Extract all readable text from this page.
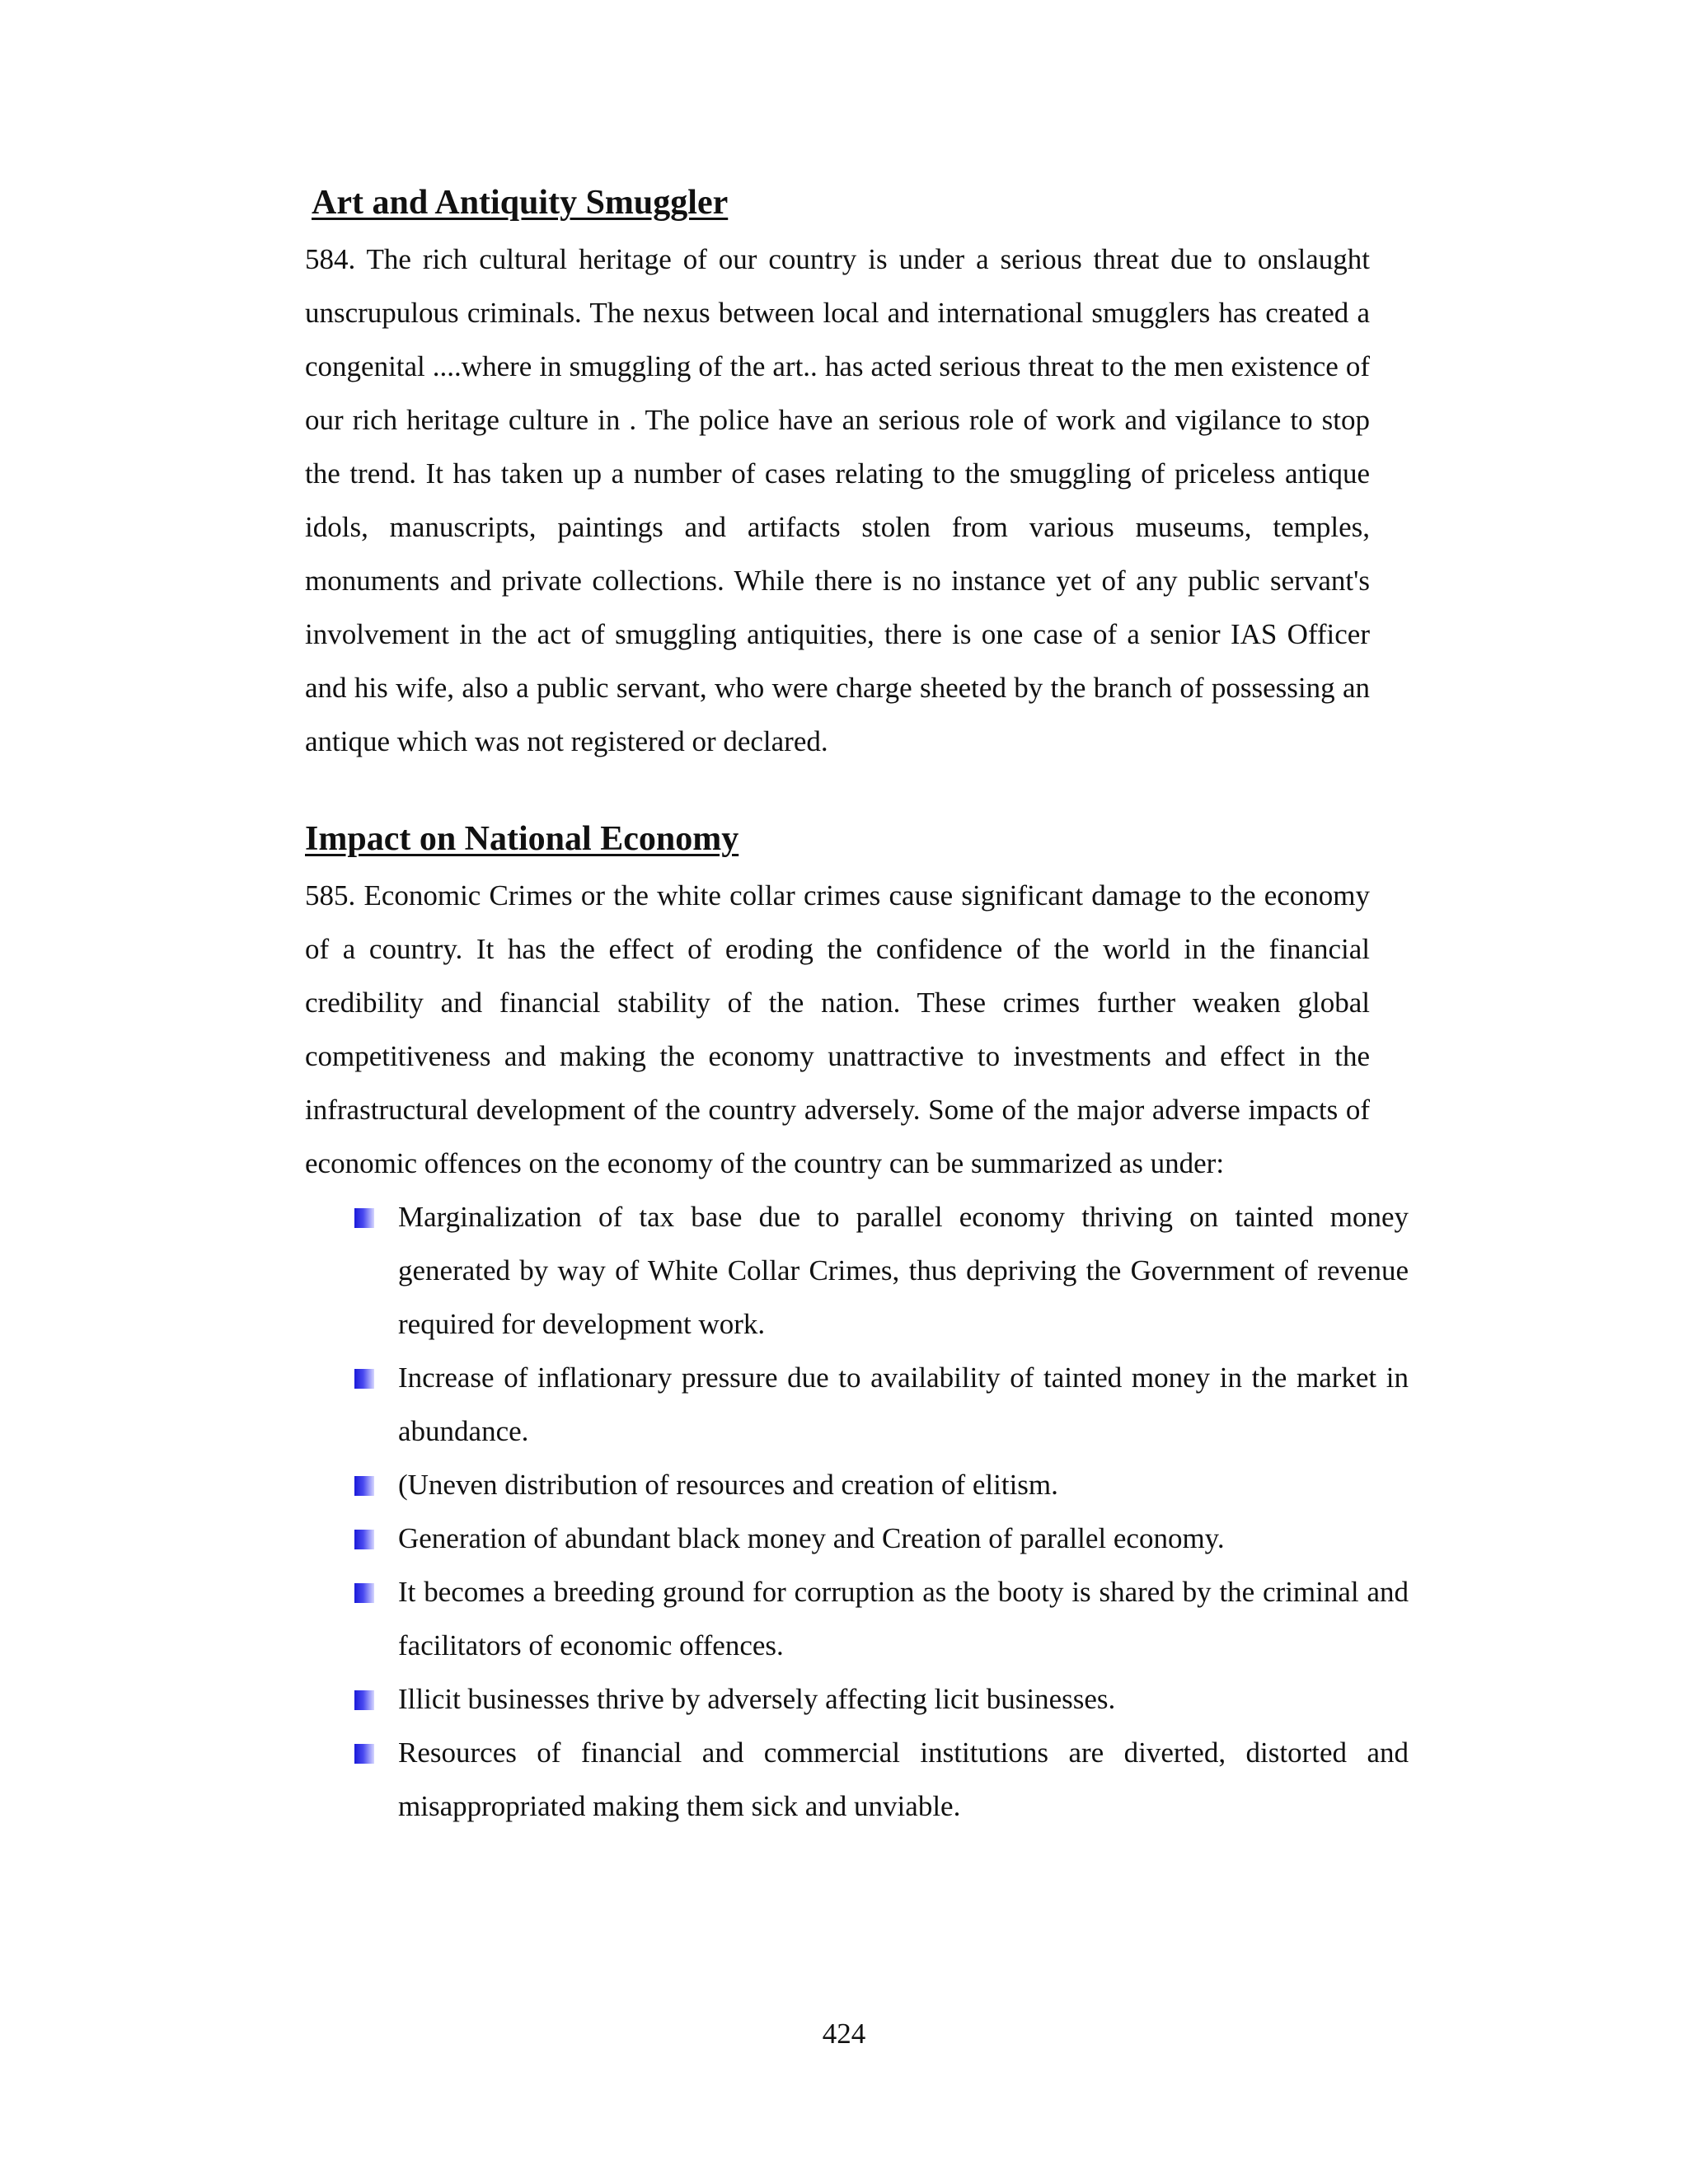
Art and Antiquity Smuggler

584. The rich cultural heritage of our country is under a serious threat due to onslaught unscrupulous criminals. The nexus between local and international smugglers has created a congenital ....where in smuggling of the art.. has acted serious threat to the men existence of our rich heritage culture in . The police have an serious role of work and vigilance to stop the trend. It has taken up a number of cases relating to the smuggling of priceless antique idols, manuscripts, paintings and artifacts stolen from various museums, temples, monuments and private collections. While there is no instance yet of any public servant's involvement in the act of smuggling antiquities, there is one case of a senior IAS Officer and his wife, also a public servant, who were charge sheeted by the branch of possessing an antique which was not registered or declared.

Impact on National Economy

585. Economic Crimes or the white collar crimes cause significant damage to the economy of a country. It has the effect of eroding the confidence of the world in the financial credibility and financial stability of the nation. These crimes further weaken global competitiveness and making the economy unattractive to investments and effect in the infrastructural development of the country adversely. Some of the major adverse impacts of economic offences on the economy of the country can be summarized as under:

Marginalization of tax base due to parallel economy thriving on tainted money generated by way of White Collar Crimes, thus depriving the Government of revenue required for development work.
Increase of inflationary pressure due to availability of tainted money in the market in abundance.
(Uneven distribution of resources and creation of elitism.
Generation of abundant black money and Creation of parallel economy.
It becomes a breeding ground for corruption as the booty is shared by the criminal and facilitators of economic offences.
Illicit businesses thrive by adversely affecting licit businesses.
Resources of financial and commercial institutions are diverted, distorted and misappropriated making them sick and unviable.
424
